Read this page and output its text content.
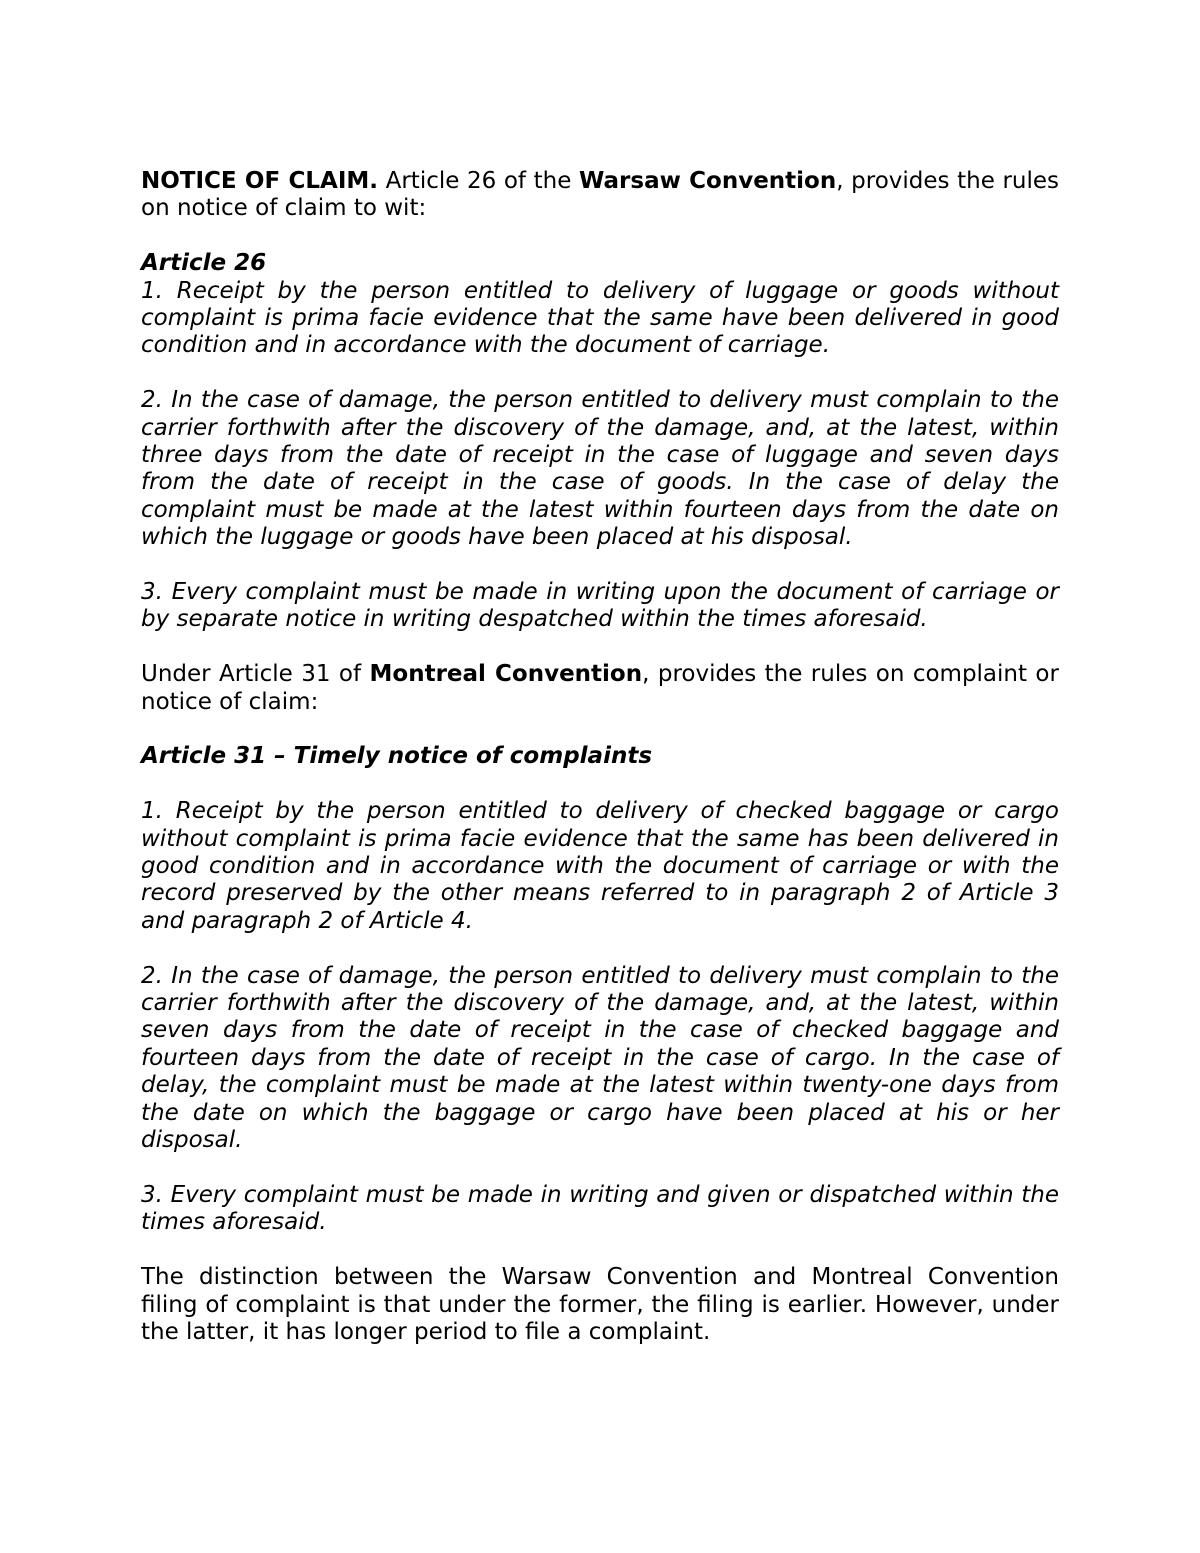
NOTICE OF CLAIM. Article 26 of the Warsaw Convention, provides the rules on notice of claim to wit:

Article 26

1. Receipt by the person entitled to delivery of luggage or goods without complaint is prima facie evidence that the same have been delivered in good condition and in accordance with the document of carriage.

2. In the case of damage, the person entitled to delivery must complain to the carrier forthwith after the discovery of the damage, and, at the latest, within three days from the date of receipt in the case of luggage and seven days from the date of receipt in the case of goods. In the case of delay the complaint must be made at the latest within fourteen days from the date on which the luggage or goods have been placed at his disposal.

3. Every complaint must be made in writing upon the document of carriage or by separate notice in writing despatched within the times aforesaid.

Under Article 31 of Montreal Convention, provides the rules on complaint or notice of claim:

Article 31 – Timely notice of complaints

1. Receipt by the person entitled to delivery of checked baggage or cargo without complaint is prima facie evidence that the same has been delivered in good condition and in accordance with the document of carriage or with the record preserved by the other means referred to in paragraph 2 of Article 3 and paragraph 2 of Article 4.

2. In the case of damage, the person entitled to delivery must complain to the carrier forthwith after the discovery of the damage, and, at the latest, within seven days from the date of receipt in the case of checked baggage and fourteen days from the date of receipt in the case of cargo. In the case of delay, the complaint must be made at the latest within twenty-one days from the date on which the baggage or cargo have been placed at his or her disposal.

3. Every complaint must be made in writing and given or dispatched within the times aforesaid.

The distinction between the Warsaw Convention and Montreal Convention filing of complaint is that under the former, the filing is earlier. However, under the latter, it has longer period to file a complaint.
